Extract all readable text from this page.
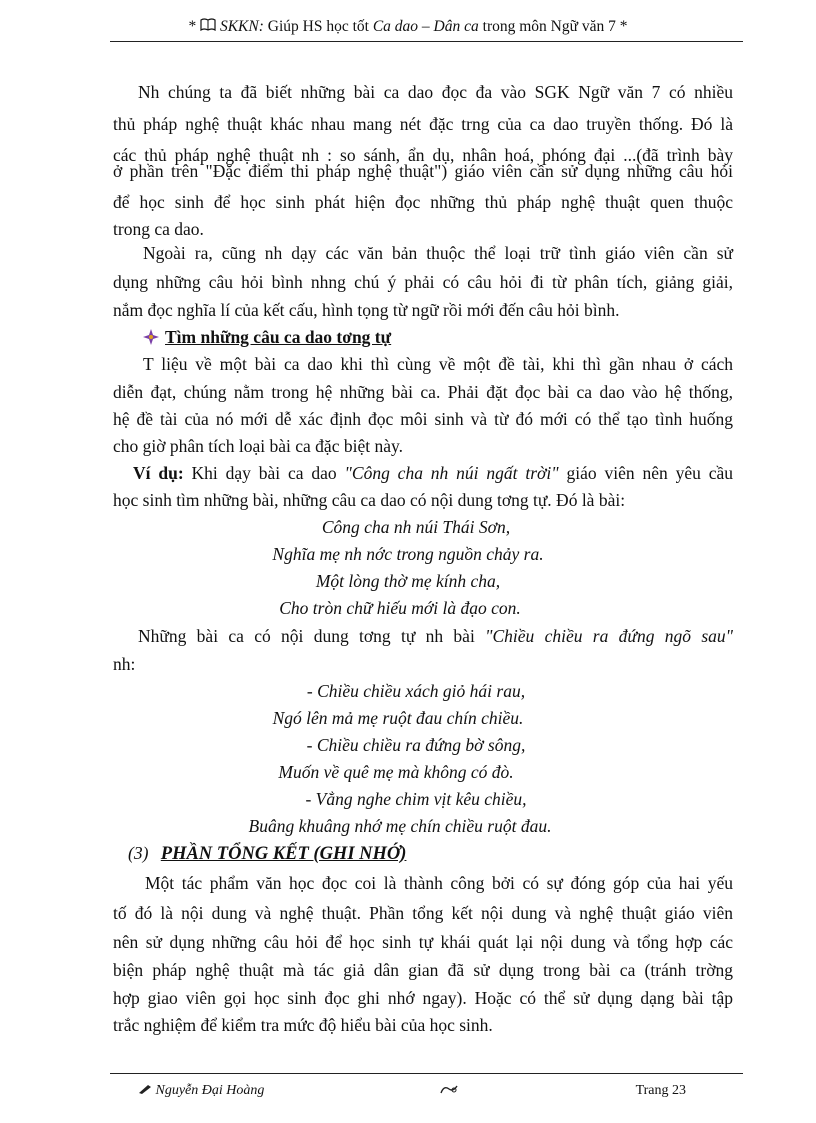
*  SKKN: Giúp HS học tốt Ca dao – Dân ca trong môn Ngữ văn 7 *
Nh chúng ta đã biết những bài ca dao đọc đa vào SGK Ngữ văn 7 có nhiều
thủ pháp nghệ thuật khác nhau mang nét đặc trng của ca dao truyền thống. Đó là
các thủ pháp nghệ thuật nh : so sánh, ẩn dụ, nhân hoá, phóng đại ...(đã trình bày
ở phần trên "Đặc điểm thi pháp nghệ thuật") giáo viên cần sử dụng những câu hỏi
để học sinh để học sinh phát hiện đọc những thủ pháp nghệ thuật quen thuộc
trong ca dao.
Ngoài ra, cũng nh dạy các văn bản thuộc thể loại trữ tình giáo viên cần sử
dụng những câu hỏi bình nhng chú ý phải có câu hỏi đi từ phân tích, giảng giải,
nắm đọc nghĩa lí của kết cấu, hình tọng từ ngữ rồi mới đến câu hỏi bình.
Tìm những câu ca dao tơng tự
T liệu về một bài ca dao khi thì cùng về một đề tài, khi thì gần nhau ở cách
diễn đạt, chúng nằm trong hệ những bài ca. Phải đặt đọc bài ca dao vào hệ thống,
hệ đề tài của nó mới dễ xác định đọc môi sinh và từ đó mới có thể tạo tình huống
cho giờ phân tích loại bài ca đặc biệt này.
Ví dụ: Khi dạy bài ca dao "Công cha nh núi ngất trời" giáo viên nên yêu cầu
học sinh tìm những bài, những câu ca dao có nội dung tơng tự. Đó là bài:
Công cha nh núi Thái Sơn,
Nghĩa mẹ nh nớc trong nguồn chảy ra.
Một lòng thờ mẹ kính cha,
Cho tròn chữ hiếu mới là đạo con.
Những bài ca có nội dung tơng tự nh bài "Chiều chiều ra đứng ngõ sau"
nh:
- Chiều chiều xách giỏ hái rau,
Ngó lên mả mẹ ruột đau chín chiều.
- Chiều chiều ra đứng bờ sông,
Muốn về quê mẹ mà không có đò.
- Vẳng nghe chim vịt kêu chiều,
Buâng khuâng nhớ mẹ chín chiều ruột đau.
(3) PHẦN TỔNG KẾT (GHI NHỚ)
Một tác phẩm văn học đọc coi là thành công bởi có sự đóng góp của hai yếu
tố đó là nội dung và nghệ thuật. Phần tổng kết nội dung và nghệ thuật giáo viên
nên sử dụng những câu hỏi để học sinh tự khái quát lại nội dung và tổng hợp các
biện pháp nghệ thuật mà tác giả dân gian đã sử dụng trong bài ca (tránh trờng
hợp giao viên gọi học sinh đọc ghi nhớ ngay). Hoặc có thể sử dụng dạng bài tập
trắc nghiệm để kiểm tra mức độ hiểu bài của học sinh.
Nguyễn Đại Hoàng	Trang 23
